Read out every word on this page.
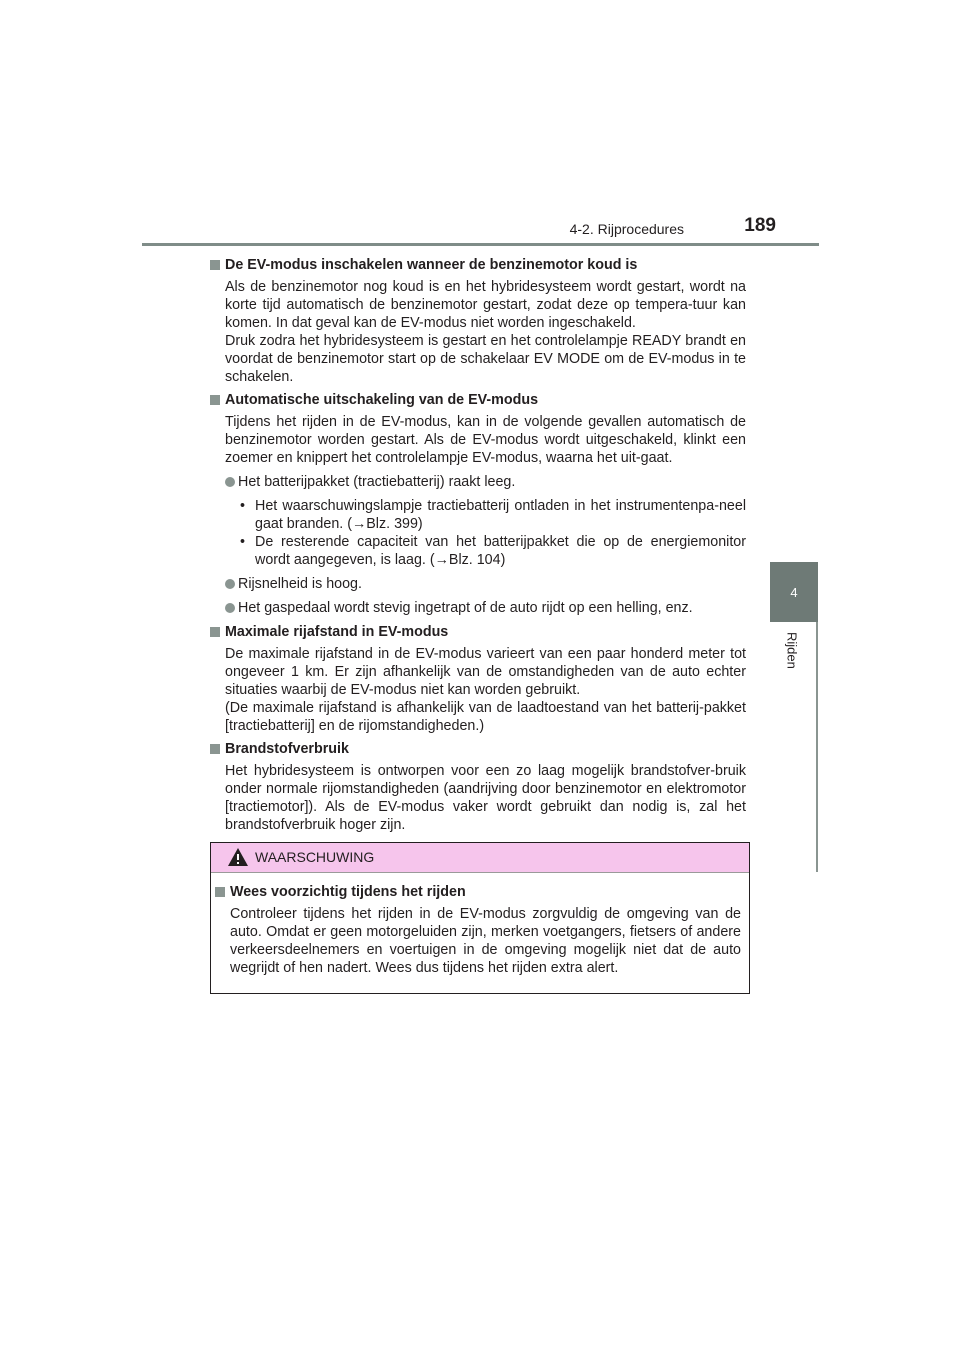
4-2. Rijprocedures	189
4
Rijden

De EV-modus inschakelen wanneer de benzinemotor koud is

Als de benzinemotor nog koud is en het hybridesysteem wordt gestart, wordt na korte tijd automatisch de benzinemotor gestart, zodat deze op tempera-tuur kan komen. In dat geval kan de EV-modus niet worden ingeschakeld.

Druk zodra het hybridesysteem is gestart en het controlelampje READY brandt en voordat de benzinemotor start op de schakelaar EV MODE om de EV-modus in te schakelen.

Automatische uitschakeling van de EV-modus

Tijdens het rijden in de EV-modus, kan in de volgende gevallen automatisch de benzinemotor worden gestart. Als de EV-modus wordt uitgeschakeld, klinkt een zoemer en knippert het controlelampje EV-modus, waarna het uit-gaat.

Het batterijpakket (tractiebatterij) raakt leeg.
• Het waarschuwingslampje tractiebatterij ontladen in het instrumentenpa-neel gaat branden. (→Blz. 399)
• De resterende capaciteit van het batterijpakket die op de energiemonitor wordt aangegeven, is laag. (→Blz. 104)
Rijsnelheid is hoog.
Het gaspedaal wordt stevig ingetrapt of de auto rijdt op een helling, enz.

Maximale rijafstand in EV-modus

De maximale rijafstand in de EV-modus varieert van een paar honderd meter tot ongeveer 1 km. Er zijn afhankelijk van de omstandigheden van de auto echter situaties waarbij de EV-modus niet kan worden gebruikt.

(De maximale rijafstand is afhankelijk van de laadtoestand van het batterij-pakket [tractiebatterij] en de rijomstandigheden.)

Brandstofverbruik

Het hybridesysteem is ontworpen voor een zo laag mogelijk brandstofver-bruik onder normale rijomstandigheden (aandrijving door benzinemotor en elektromotor [tractiemotor]). Als de EV-modus vaker wordt gebruikt dan nodig is, zal het brandstofverbruik hoger zijn.

WAARSCHUWING

Wees voorzichtig tijdens het rijden

Controleer tijdens het rijden in de EV-modus zorgvuldig de omgeving van de auto. Omdat er geen motorgeluiden zijn, merken voetgangers, fietsers of andere verkeersdeelnemers en voertuigen in de omgeving mogelijk niet dat de auto wegrijdt of hen nadert. Wees dus tijdens het rijden extra alert.
